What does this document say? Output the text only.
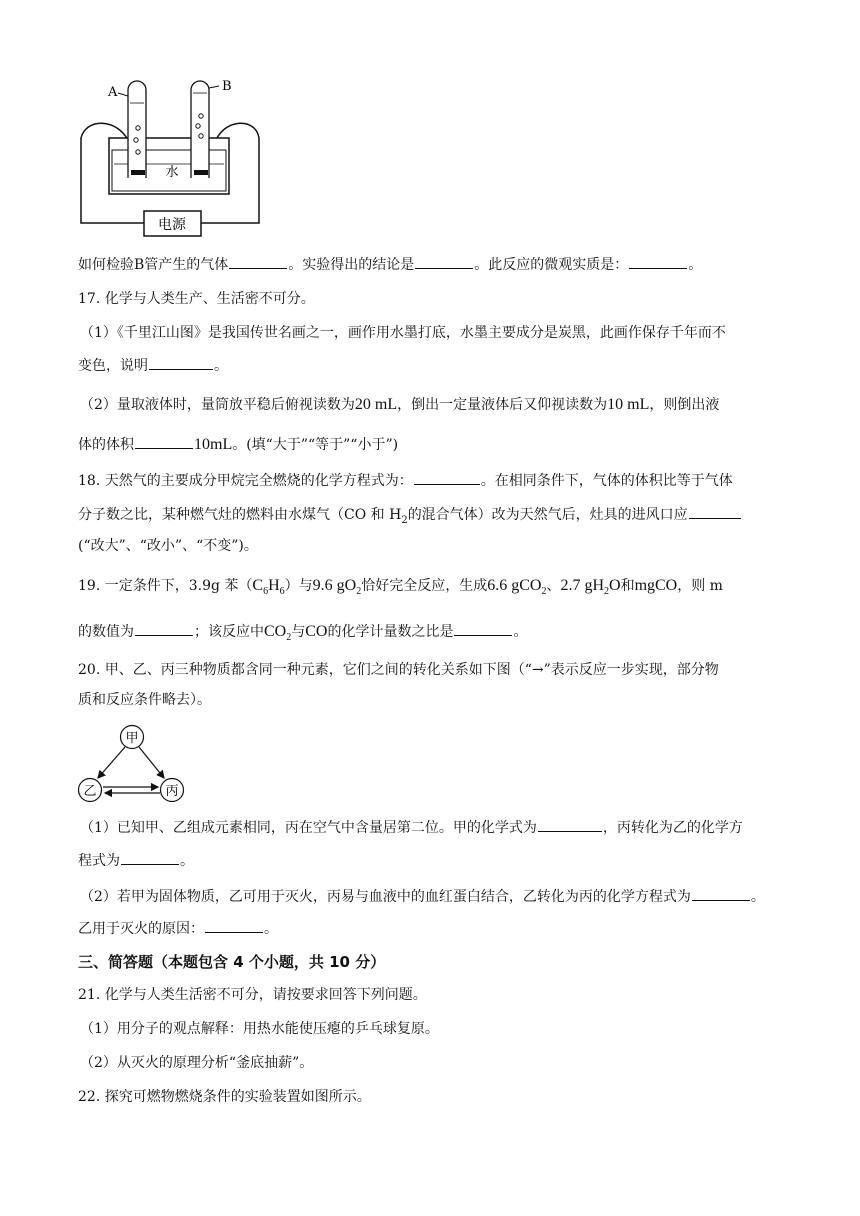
电源
水
A	B
如何检验B管产生的气体	。实验得出的结论是	。此反应的微观实质是：	。
17. 化学与人类生产、生活密不可分。
（1）《千里江山图》是我国传世名画之一，画作用水墨打底，水墨主要成分是炭黑，此画作保存千年而不
变色，说明	。
（2）量取液体时，量筒放平稳后俯视读数为20 mL，倒出一定量液体后又仰视读数为10 mL，则倒出液
体的体积	10mL。(填“大于”“等于”“小于”)
18. 天然气的主要成分甲烷完全燃烧的化学方程式为：	。在相同条件下，气体的体积比等于气体
分子数之比，某种燃气灶的燃料由水煤气（CO 和 $H_2$的混合气体）改为天然气后，灶具的进风口应
(“改大”、“改小”、“不变”)。
19. 一定条件下，3.9g 苯$(C_6H_6)$与9.6 $gO_2$恰好完全反应，生成6.6 gCO$_2$、2.7 $gH_2O$和mgCO，则 m
的数值为	；该反应中$CO_2$与CO的化学计量数之比是	。
20. 甲、乙、丙三种物质都含同一种元素，它们之间的转化关系如下图（“→”表示反应一步实现，部分物
质和反应条件略去）。
甲
乙	丙
（1）已知甲、乙组成元素相同，丙在空气中含量居第二位。甲的化学式为	，丙转化为乙的化学方
程式为	。
（2）若甲为固体物质，乙可用于灭火，丙易与血液中的血红蛋白结合，乙转化为丙的化学方程式为	。
乙用于灭火的原因：	。
三、简答题（本题包含 4 个小题，共 10 分）
21. 化学与人类生活密不可分，请按要求回答下列问题。
（1）用分子的观点解释：用热水能使压瘪的乒乓球复原。
（2）从灭火的原理分析“釜底抽薪”。
22. 探究可燃物燃烧条件的实验装置如图所示。
